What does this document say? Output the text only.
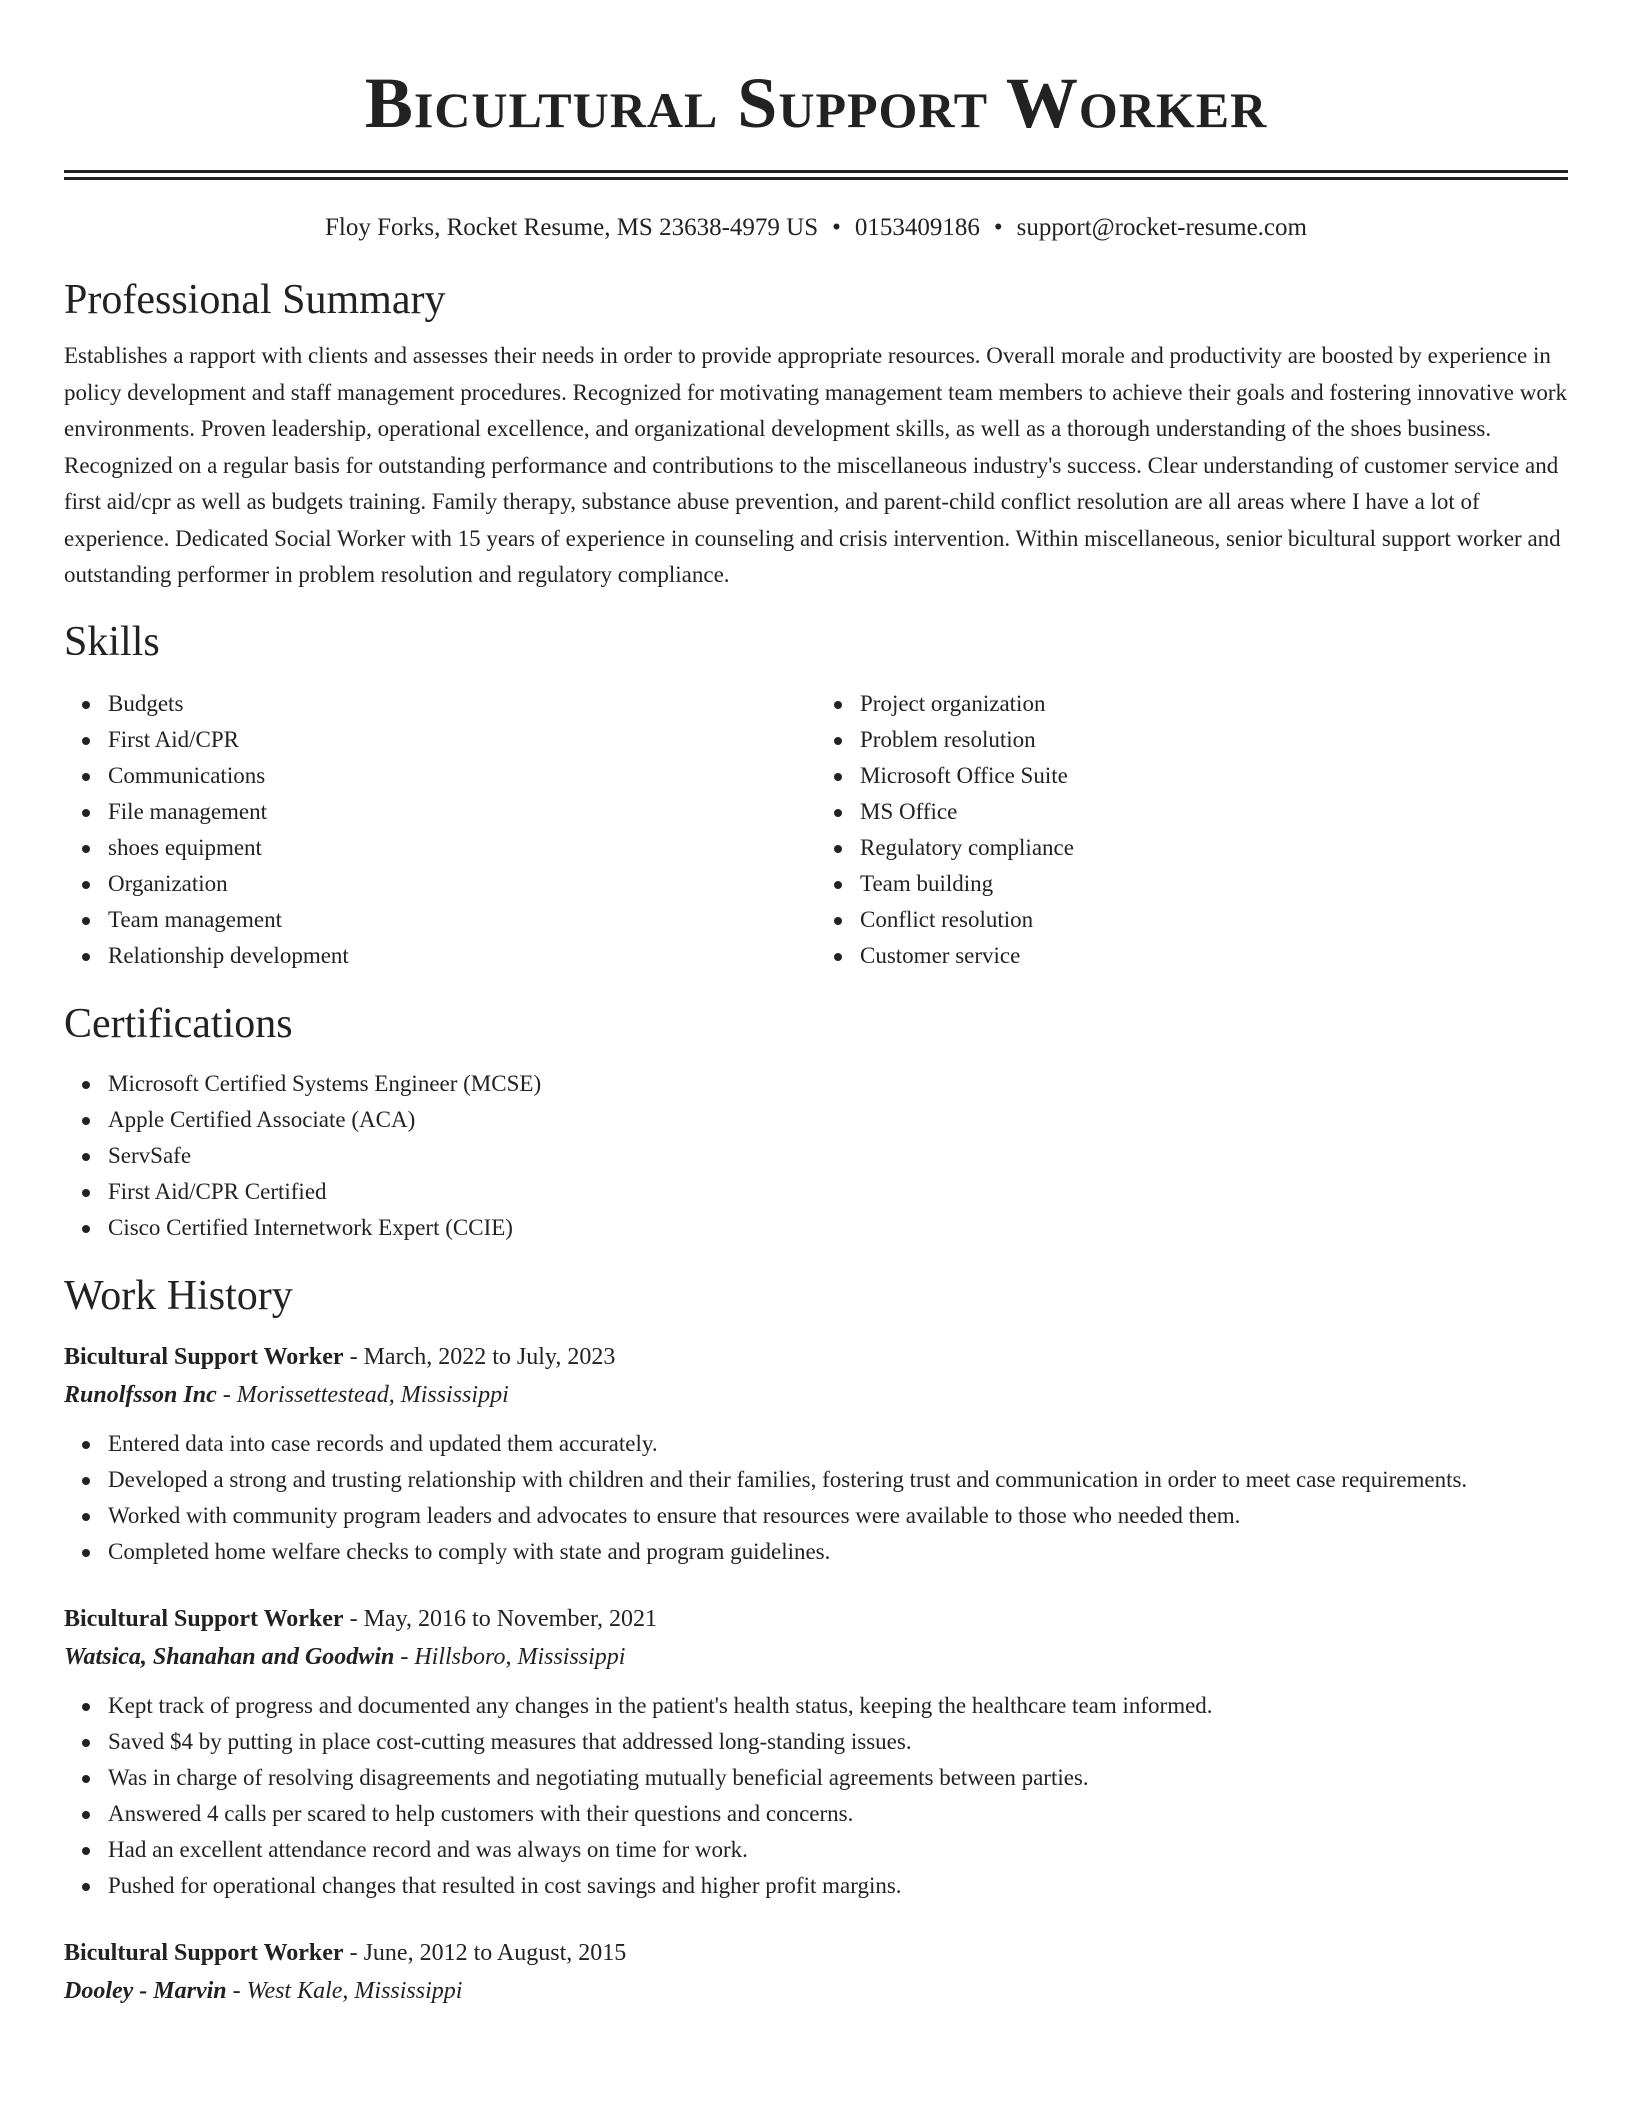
Bicultural Support Worker
Floy Forks, Rocket Resume, MS 23638-4979 US • 0153409186 • support@rocket-resume.com
Professional Summary

Establishes a rapport with clients and assesses their needs in order to provide appropriate resources. Overall morale and productivity are boosted by experience in policy development and staff management procedures. Recognized for motivating management team members to achieve their goals and fostering innovative work environments. Proven leadership, operational excellence, and organizational development skills, as well as a thorough understanding of the shoes business. Recognized on a regular basis for outstanding performance and contributions to the miscellaneous industry's success. Clear understanding of customer service and first aid/cpr as well as budgets training. Family therapy, substance abuse prevention, and parent-child conflict resolution are all areas where I have a lot of experience. Dedicated Social Worker with 15 years of experience in counseling and crisis intervention. Within miscellaneous, senior bicultural support worker and outstanding performer in problem resolution and regulatory compliance.

Skills
Budgets
First Aid/CPR
Communications
File management
shoes equipment
Organization
Team management
Relationship development
Project organization
Problem resolution
Microsoft Office Suite
MS Office
Regulatory compliance
Team building
Conflict resolution
Customer service
Certifications
Microsoft Certified Systems Engineer (MCSE)
Apple Certified Associate (ACA)
ServSafe
First Aid/CPR Certified
Cisco Certified Internetwork Expert (CCIE)
Work History
Bicultural Support Worker - March, 2022 to July, 2023
Runolfsson Inc - Morissettestead, Mississippi
Entered data into case records and updated them accurately.
Developed a strong and trusting relationship with children and their families, fostering trust and communication in order to meet case requirements.
Worked with community program leaders and advocates to ensure that resources were available to those who needed them.
Completed home welfare checks to comply with state and program guidelines.
Bicultural Support Worker - May, 2016 to November, 2021
Watsica, Shanahan and Goodwin - Hillsboro, Mississippi
Kept track of progress and documented any changes in the patient's health status, keeping the healthcare team informed.
Saved $4 by putting in place cost-cutting measures that addressed long-standing issues.
Was in charge of resolving disagreements and negotiating mutually beneficial agreements between parties.
Answered 4 calls per scared to help customers with their questions and concerns.
Had an excellent attendance record and was always on time for work.
Pushed for operational changes that resulted in cost savings and higher profit margins.
Bicultural Support Worker - June, 2012 to August, 2015
Dooley - Marvin - West Kale, Mississippi
